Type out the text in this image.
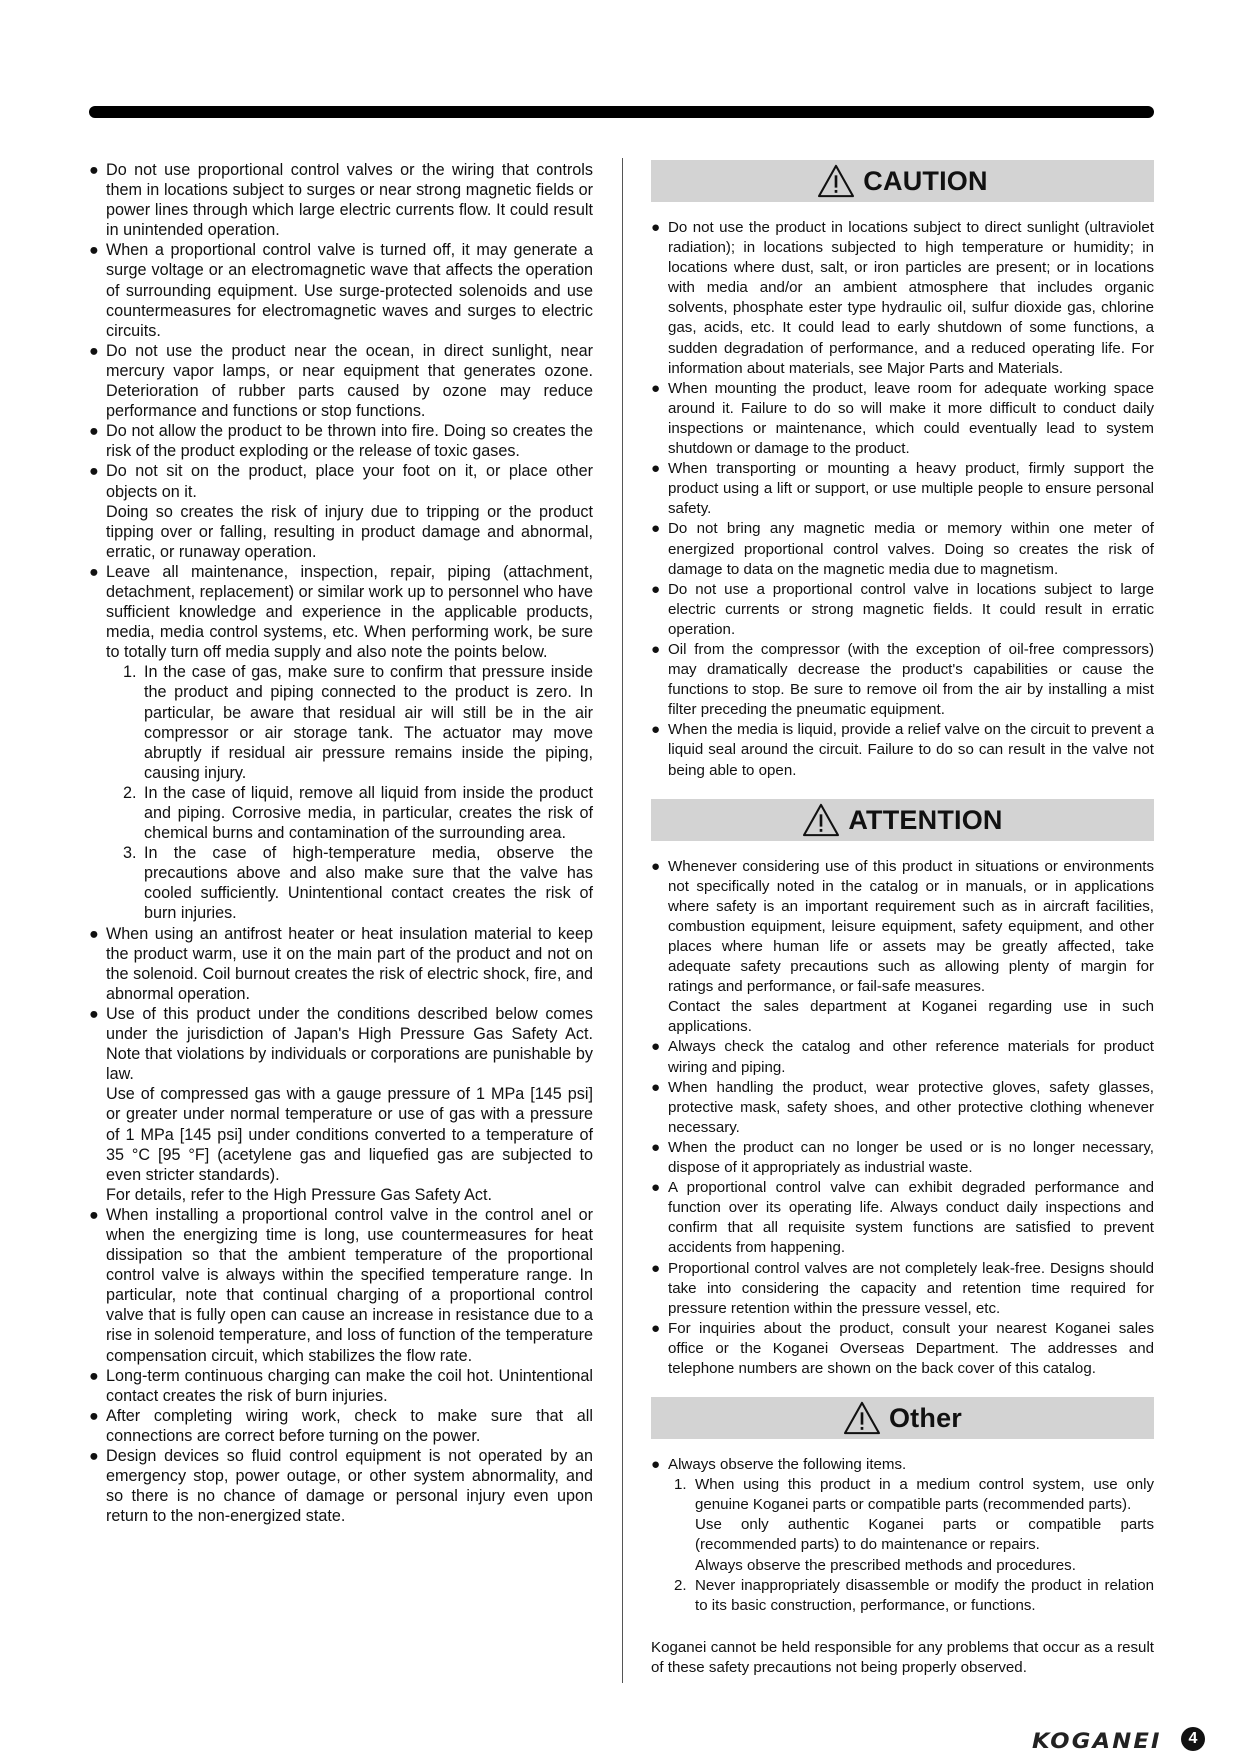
● Do not use proportional control valves or the wiring that controls them in locations subject to surges or near strong magnetic fields or power lines through which large electric currents flow. It could result in unintended operation.
● When a proportional control valve is turned off, it may generate a surge voltage or an electromagnetic wave that affects the operation of surrounding equipment. Use surge-protected solenoids and use countermeasures for electromagnetic waves and surges to electric circuits.
● Do not use the product near the ocean, in direct sunlight, near mercury vapor lamps, or near equipment that generates ozone. Deterioration of rubber parts caused by ozone may reduce performance and functions or stop functions.
● Do not allow the product to be thrown into fire. Doing so creates the risk of the product exploding or the release of toxic gases.
● Do not sit on the product, place your foot on it, or place other objects on it.
Doing so creates the risk of injury due to tripping or the product tipping over or falling, resulting in product damage and abnormal, erratic, or runaway operation.
● Leave all maintenance, inspection, repair, piping (attachment, detachment, replacement) or similar work up to personnel who have sufficient knowledge and experience in the applicable products, media, media control systems, etc. When performing work, be sure to totally turn off media supply and also note the points below.
1. In the case of gas, make sure to confirm that pressure inside the product and piping connected to the product is zero. In particular, be aware that residual air will still be in the air compressor or air storage tank. The actuator may move abruptly if residual air pressure remains inside the piping, causing injury.
2. In the case of liquid, remove all liquid from inside the product and piping. Corrosive media, in particular, creates the risk of chemical burns and contamination of the surrounding area.
3. In the case of high-temperature media, observe the precautions above and also make sure that the valve has cooled sufficiently. Unintentional contact creates the risk of burn injuries.
● When using an antifrost heater or heat insulation material to keep the product warm, use it on the main part of the product and not on the solenoid. Coil burnout creates the risk of electric shock, fire, and abnormal operation.
● Use of this product under the conditions described below comes under the jurisdiction of Japan's High Pressure Gas Safety Act. Note that violations by individuals or corporations are punishable by law.
Use of compressed gas with a gauge pressure of 1 MPa [145 psi] or greater under normal temperature or use of gas with a pressure of 1 MPa [145 psi] under conditions converted to a temperature of 35 °C [95 °F] (acetylene gas and liquefied gas are subjected to even stricter standards).
For details, refer to the High Pressure Gas Safety Act.
● When installing a proportional control valve in the control anel or when the energizing time is long, use countermeasures for heat dissipation so that the ambient temperature of the proportional control valve is always within the specified temperature range. In particular, note that continual charging of a proportional control valve that is fully open can cause an increase in resistance due to a rise in solenoid temperature, and loss of function of the temperature compensation circuit, which stabilizes the flow rate.
● Long-term continuous charging can make the coil hot. Unintentional contact creates the risk of burn injuries.
● After completing wiring work, check to make sure that all connections are correct before turning on the power.
● Design devices so fluid control equipment is not operated by an emergency stop, power outage, or other system abnormality, and so there is no chance of damage or personal injury even upon return to the non-energized state.
CAUTION
● Do not use the product in locations subject to direct sunlight (ultraviolet radiation); in locations subjected to high temperature or humidity; in locations where dust, salt, or iron particles are present; or in locations with media and/or an ambient atmosphere that includes organic solvents, phosphate ester type hydraulic oil, sulfur dioxide gas, chlorine gas, acids, etc. It could lead to early shutdown of some functions, a sudden degradation of performance, and a reduced operating life. For information about materials, see Major Parts and Materials.
● When mounting the product, leave room for adequate working space around it. Failure to do so will make it more difficult to conduct daily inspections or maintenance, which could eventually lead to system shutdown or damage to the product.
● When transporting or mounting a heavy product, firmly support the product using a lift or support, or use multiple people to ensure personal safety.
● Do not bring any magnetic media or memory within one meter of energized proportional control valves. Doing so creates the risk of damage to data on the magnetic media due to magnetism.
● Do not use a proportional control valve in locations subject to large electric currents or strong magnetic fields. It could result in erratic operation.
● Oil from the compressor (with the exception of oil-free compressors) may dramatically decrease the product's capabilities or cause the functions to stop. Be sure to remove oil from the air by installing a mist filter preceding the pneumatic equipment.
● When the media is liquid, provide a relief valve on the circuit to prevent a liquid seal around the circuit. Failure to do so can result in the valve not being able to open.
ATTENTION
● Whenever considering use of this product in situations or environments not specifically noted in the catalog or in manuals, or in applications where safety is an important requirement such as in aircraft facilities, combustion equipment, leisure equipment, safety equipment, and other places where human life or assets may be greatly affected, take adequate safety precautions such as allowing plenty of margin for ratings and performance, or fail-safe measures.
Contact the sales department at Koganei regarding use in such applications.
● Always check the catalog and other reference materials for product wiring and piping.
● When handling the product, wear protective gloves, safety glasses, protective mask, safety shoes, and other protective clothing whenever necessary.
● When the product can no longer be used or is no longer necessary, dispose of it appropriately as industrial waste.
● A proportional control valve can exhibit degraded performance and function over its operating life. Always conduct daily inspections and confirm that all requisite system functions are satisfied to prevent accidents from happening.
● Proportional control valves are not completely leak-free. Designs should take into considering the capacity and retention time required for pressure retention within the pressure vessel, etc.
● For inquiries about the product, consult your nearest Koganei sales office or the Koganei Overseas Department. The addresses and telephone numbers are shown on the back cover of this catalog.
Other
● Always observe the following items.
1. When using this product in a medium control system, use only genuine Koganei parts or compatible parts (recommended parts).
Use only authentic Koganei parts or compatible parts (recommended parts) to do maintenance or repairs.
Always observe the prescribed methods and procedures.
2. Never inappropriately disassemble or modify the product in relation to its basic construction, performance, or functions.
Koganei cannot be held responsible for any problems that occur as a result of these safety precautions not being properly observed.
KOGANEI	4
